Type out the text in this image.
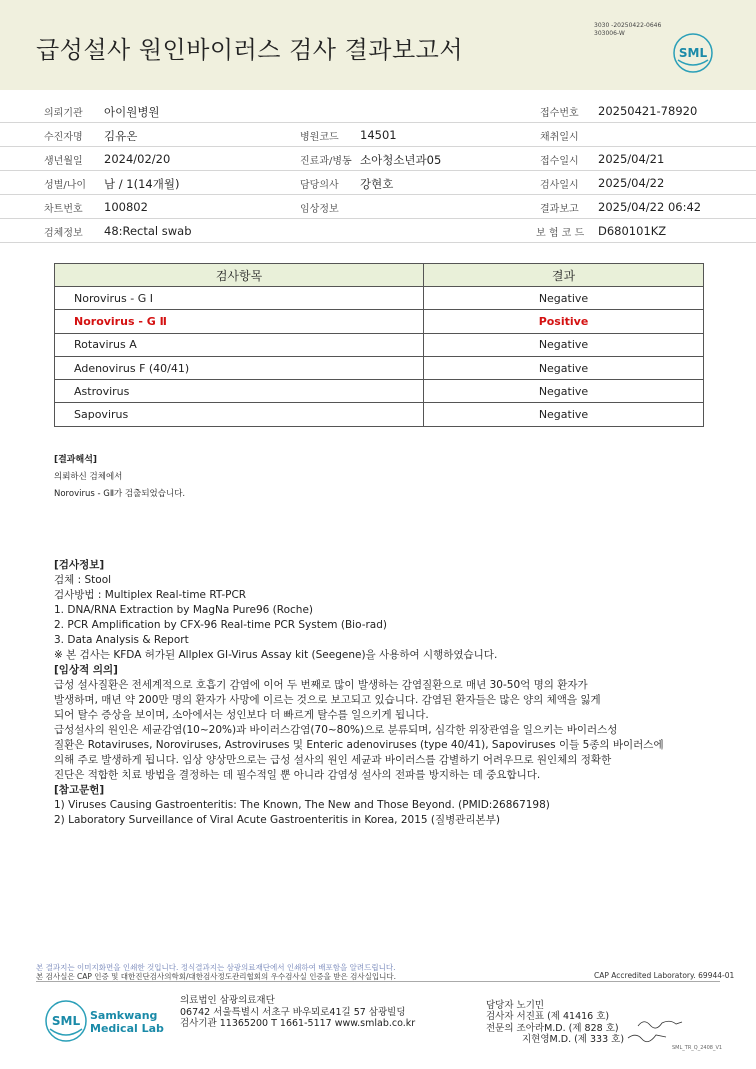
급성설사 원인바이러스 검사 결과보고서
3030 -20250422-0646
303006-W
SML
의뢰기관 아이원병원	접수번호 20250421-78920
수진자명 김유온	병원코드 14501	채취일시
생년월일 2024/02/20	진료과/병동 소아청소년과05	접수일시 2025/04/21
성별/나이 남 / 1(14개월)	담당의사 강현호	검사일시 2025/04/22
차트번호 100802	임상정보	결과보고 2025/04/22 06:42
검체정보 48:Rectal swab	보 험 코 드 D680101KZ
검사항목	결과
Norovirus - G Ⅰ	Negative
Norovirus - G Ⅱ	Positive
Rotavirus A	Negative
Adenovirus F (40/41)	Negative
Astrovirus	Negative
Sapovirus	Negative
[결과해석]
의뢰하신 검체에서
Norovirus - GⅡ가 검출되었습니다.
[검사정보]
검체 : Stool
검사방법 : Multiplex Real-time RT-PCR
1. DNA/RNA Extraction by MagNa Pure96 (Roche)
2. PCR Amplification by CFX-96 Real-time PCR System (Bio-rad)
3. Data Analysis & Report
※ 본 검사는 KFDA 허가된 Allplex GI-Virus Assay kit (Seegene)을 사용하여 시행하였습니다.
[임상적 의의]
급성 설사질환은 전세계적으로 호흡기 감염에 이어 두 번째로 많이 발생하는 감염질환으로 매년 30-50억 명의 환자가
발생하며, 매년 약 200만 명의 환자가 사망에 이르는 것으로 보고되고 있습니다. 감염된 환자들은 많은 양의 체액을 잃게
되어 탈수 증상을 보이며, 소아에서는 성인보다 더 빠르게 탈수를 일으키게 됩니다.
급성설사의 원인은 세균감염(10~20%)과 바이러스감염(70~80%)으로 분류되며, 심각한 위장관염을 일으키는 바이러스성
질환은 Rotaviruses, Noroviruses, Astroviruses 및 Enteric adenoviruses (type 40/41), Sapoviruses 이들 5종의 바이러스에
의해 주로 발생하게 됩니다. 임상 양상만으로는 급성 설사의 원인 세균과 바이러스를 감별하기 어려우므로 원인체의 정확한
진단은 적합한 치료 방법을 결정하는 데 필수적일 뿐 아니라 감염성 설사의 전파를 방지하는 데 중요합니다.
[참고문헌]
1) Viruses Causing Gastroenteritis: The Known, The New and Those Beyond. (PMID:26867198)
2) Laboratory Surveillance of Viral Acute Gastroenteritis in Korea, 2015 (질병관리본부)
본 결과지는 이미지화면을 인쇄한 것입니다. 정식결과지는 삼광의료재단에서 인쇄하여 배포함을 알려드립니다.
본 검사실은 CAP 인증 및 대한진단검사의학회/대한검사정도관리협회의 우수검사실 인증을 받은 검사실입니다.	CAP Accredited Laboratory. 69944-01
SML Samkwang
Medical Lab
의료법인 삼광의료재단
06742 서울특별시 서초구 바우뫼로41길 57 삼광빌딩
검사기관 11365200 T 1661-5117 www.smlab.co.kr
담당자 노기민
검사자 서진표 (제 41416 호)
전문의 조아라M.D. (제 828 호)
지현영M.D. (제 333 호)
SML_TR_Q_2408_V1
